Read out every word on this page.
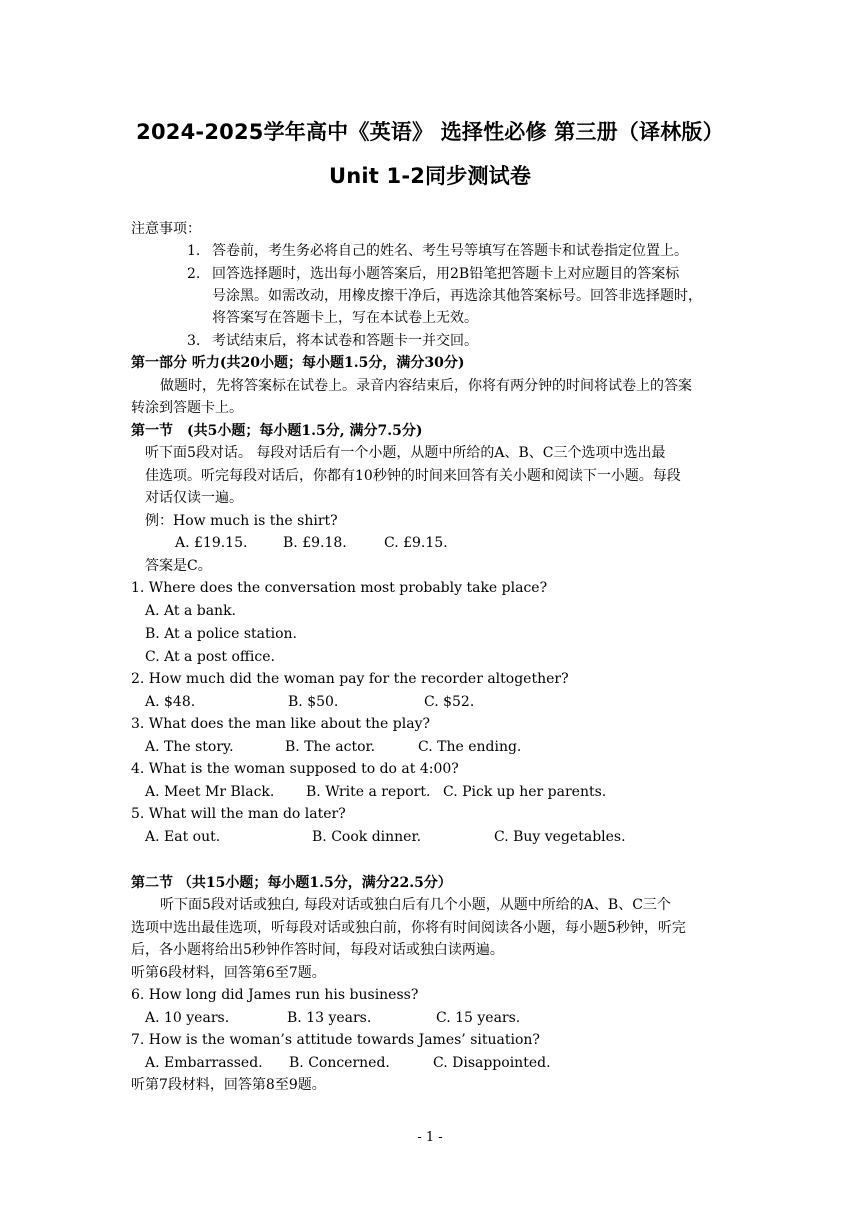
2024-2025学年高中《英语》 选择性必修 第三册（译林版）
Unit 1-2同步测试卷
注意事项：
1. 答卷前，考生务必将自己的姓名、考生号等填写在答题卡和试卷指定位置上。
2. 回答选择题时，选出每小题答案后，用2B铅笔把答题卡上对应题目的答案标
号涂黑。如需改动，用橡皮擦干净后，再选涂其他答案标号。回答非选择题时，
将答案写在答题卡上，写在本试卷上无效。
3. 考试结束后，将本试卷和答题卡一并交回。
第一部分 听力(共20小题；每小题1.5分，满分30分)
做题时，先将答案标在试卷上。录音内容结束后，你将有两分钟的时间将试卷上的答案
转涂到答题卡上。
第一节　(共5小题；每小题1.5分, 满分7.5分)
听下面5段对话。 每段对话后有一个小题，从题中所给的A、B、C三个选项中选出最
佳选项。听完每段对话后，你都有10秒钟的时间来回答有关小题和阅读下一小题。每段
对话仅读一遍。
例：How much is the shirt?
A. £19.15.	B. £9.18.	C. £9.15.
答案是C。
1. Where does the conversation most probably take place?
A. At a bank.
B. At a police station.
C. At a post office.
2. How much did the woman pay for the recorder altogether?
A. $48.	B. $50.	C. $52.
3. What does the man like about the play?
A. The story.	B. The actor.	C. The ending.
4. What is the woman supposed to do at 4:00?
A. Meet Mr Black. B. Write a report. C. Pick up her parents.
5. What will the man do later?
A. Eat out.	B. Cook dinner.	C. Buy vegetables.
第二节 （共15小题；每小题1.5分，满分22.5分）
听下面5段对话或独白, 每段对话或独白后有几个小题，从题中所给的A、B、C三个
选项中选出最佳选项，听每段对话或独白前，你将有时间阅读各小题，每小题5秒钟，听完
后，各小题将给出5秒钟作答时间，每段对话或独白读两遍。
听第6段材料，回答第6至7题。
6. How long did James run his business?
A. 10 years.	B. 13 years.	C. 15 years.
7. How is the woman’s attitude towards James’ situation?
A. Embarrassed. B. Concerned.	C. Disappointed.
听第7段材料，回答第8至9题。
- 1 -
